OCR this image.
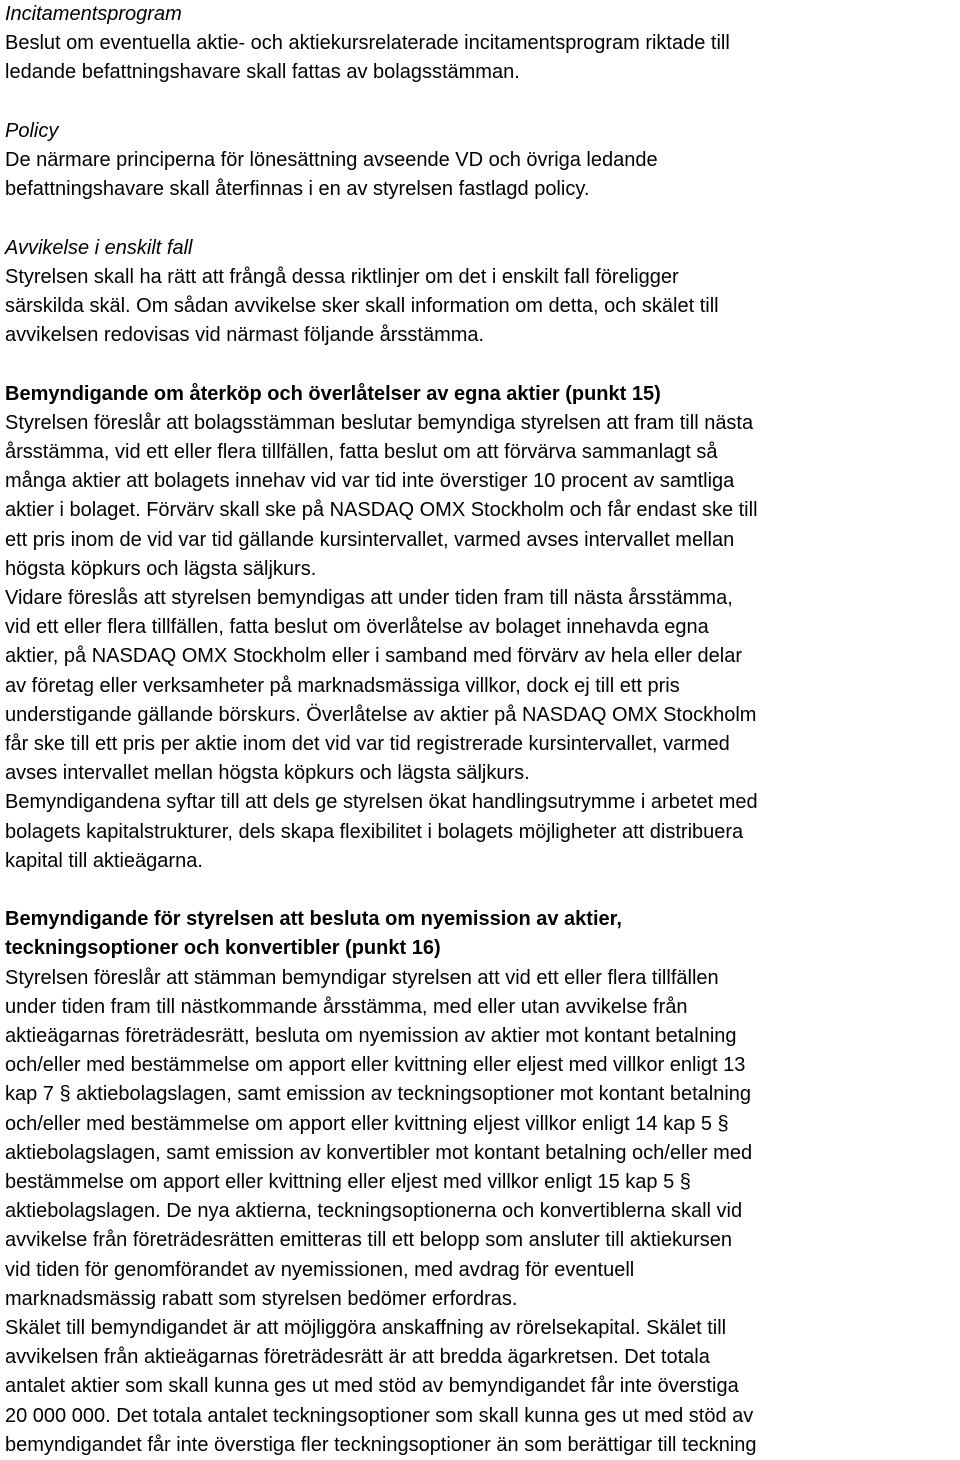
Incitamentsprogram
Beslut om eventuella aktie- och aktiekursrelaterade incitamentsprogram riktade till
ledande befattningshavare skall fattas av bolagsstämman.
Policy
De närmare principerna för lönesättning avseende VD och övriga ledande
befattningshavare skall återfinnas i en av styrelsen fastlagd policy.
Avvikelse i enskilt fall
Styrelsen skall ha rätt att frångå dessa riktlinjer om det i enskilt fall föreligger
särskilda skäl. Om sådan avvikelse sker skall information om detta, och skälet till
avvikelsen redovisas vid närmast följande årsstämma.
Bemyndigande om återköp och överlåtelser av egna aktier (punkt 15)
Styrelsen föreslår att bolagsstämman beslutar bemyndiga styrelsen att fram till nästa
årsstämma, vid ett eller flera tillfällen, fatta beslut om att förvärva sammanlagt så
många aktier att bolagets innehav vid var tid inte överstiger 10 procent av samtliga
aktier i bolaget. Förvärv skall ske på NASDAQ OMX Stockholm och får endast ske till
ett pris inom de vid var tid gällande kursintervallet, varmed avses intervallet mellan
högsta köpkurs och lägsta säljkurs.
Vidare föreslås att styrelsen bemyndigas att under tiden fram till nästa årsstämma,
vid ett eller flera tillfällen, fatta beslut om överlåtelse av bolaget innehavda egna
aktier, på NASDAQ OMX Stockholm eller i samband med förvärv av hela eller delar
av företag eller verksamheter på marknadsmässiga villkor, dock ej till ett pris
understigande gällande börskurs. Överlåtelse av aktier på NASDAQ OMX Stockholm
får ske till ett pris per aktie inom det vid var tid registrerade kursintervallet, varmed
avses intervallet mellan högsta köpkurs och lägsta säljkurs.
Bemyndigandena syftar till att dels ge styrelsen ökat handlingsutrymme i arbetet med
bolagets kapitalstrukturer, dels skapa flexibilitet i bolagets möjligheter att distribuera
kapital till aktieägarna.
Bemyndigande för styrelsen att besluta om nyemission av aktier,
teckningsoptioner och konvertibler (punkt 16)
Styrelsen föreslår att stämman bemyndigar styrelsen att vid ett eller flera tillfällen
under tiden fram till nästkommande årsstämma, med eller utan avvikelse från
aktieägarnas företrädesrätt, besluta om nyemission av aktier mot kontant betalning
och/eller med bestämmelse om apport eller kvittning eller eljest med villkor enligt 13
kap 7 § aktiebolagslagen, samt emission av teckningsoptioner mot kontant betalning
och/eller med bestämmelse om apport eller kvittning eljest villkor enligt 14 kap 5 §
aktiebolagslagen, samt emission av konvertibler mot kontant betalning och/eller med
bestämmelse om apport eller kvittning eller eljest med villkor enligt 15 kap 5 §
aktiebolagslagen. De nya aktierna, teckningsoptionerna och konvertiblerna skall vid
avvikelse från företrädesrätten emitteras till ett belopp som ansluter till aktiekursen
vid tiden för genomförandet av nyemissionen, med avdrag för eventuell
marknadsmässig rabatt som styrelsen bedömer erfordras.
Skälet till bemyndigandet är att möjliggöra anskaffning av rörelsekapital. Skälet till
avvikelsen från aktieägarnas företrädesrätt är att bredda ägarkretsen. Det totala
antalet aktier som skall kunna ges ut med stöd av bemyndigandet får inte överstiga
20 000 000. Det totala antalet teckningsoptioner som skall kunna ges ut med stöd av
bemyndigandet får inte överstiga fler teckningsoptioner än som berättigar till teckning
